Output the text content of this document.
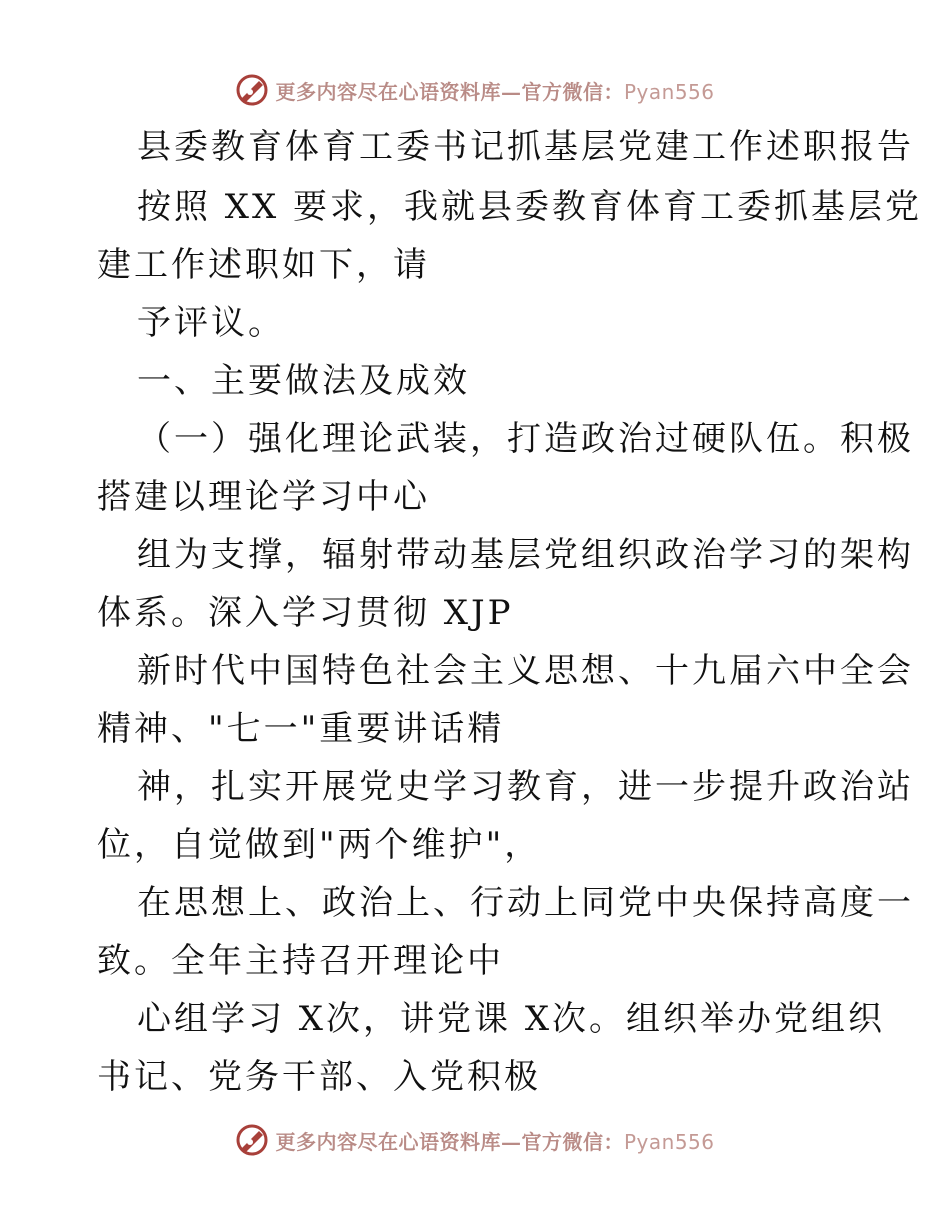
更多内容尽在心语资料库—官方微信：Pyan556
县委教育体育工委书记抓基层党建工作述职报告
按照 XX 要求，我就县委教育体育工委抓基层党
建工作述职如下，请
予评议。
一、主要做法及成效
（一）强化理论武装，打造政治过硬队伍。积极
搭建以理论学习中心
组为支撑，辐射带动基层党组织政治学习的架构
体系。深入学习贯彻 XJP
新时代中国特色社会主义思想、十九届六中全会
精神、"七一"重要讲话精
神，扎实开展党史学习教育，进一步提升政治站
位，自觉做到"两个维护"，
在思想上、政治上、行动上同党中央保持高度一
致。全年主持召开理论中
心组学习 X次，讲党课 X次。组织举办党组织
书记、党务干部、入党积极
更多内容尽在心语资料库—官方微信：Pyan556
